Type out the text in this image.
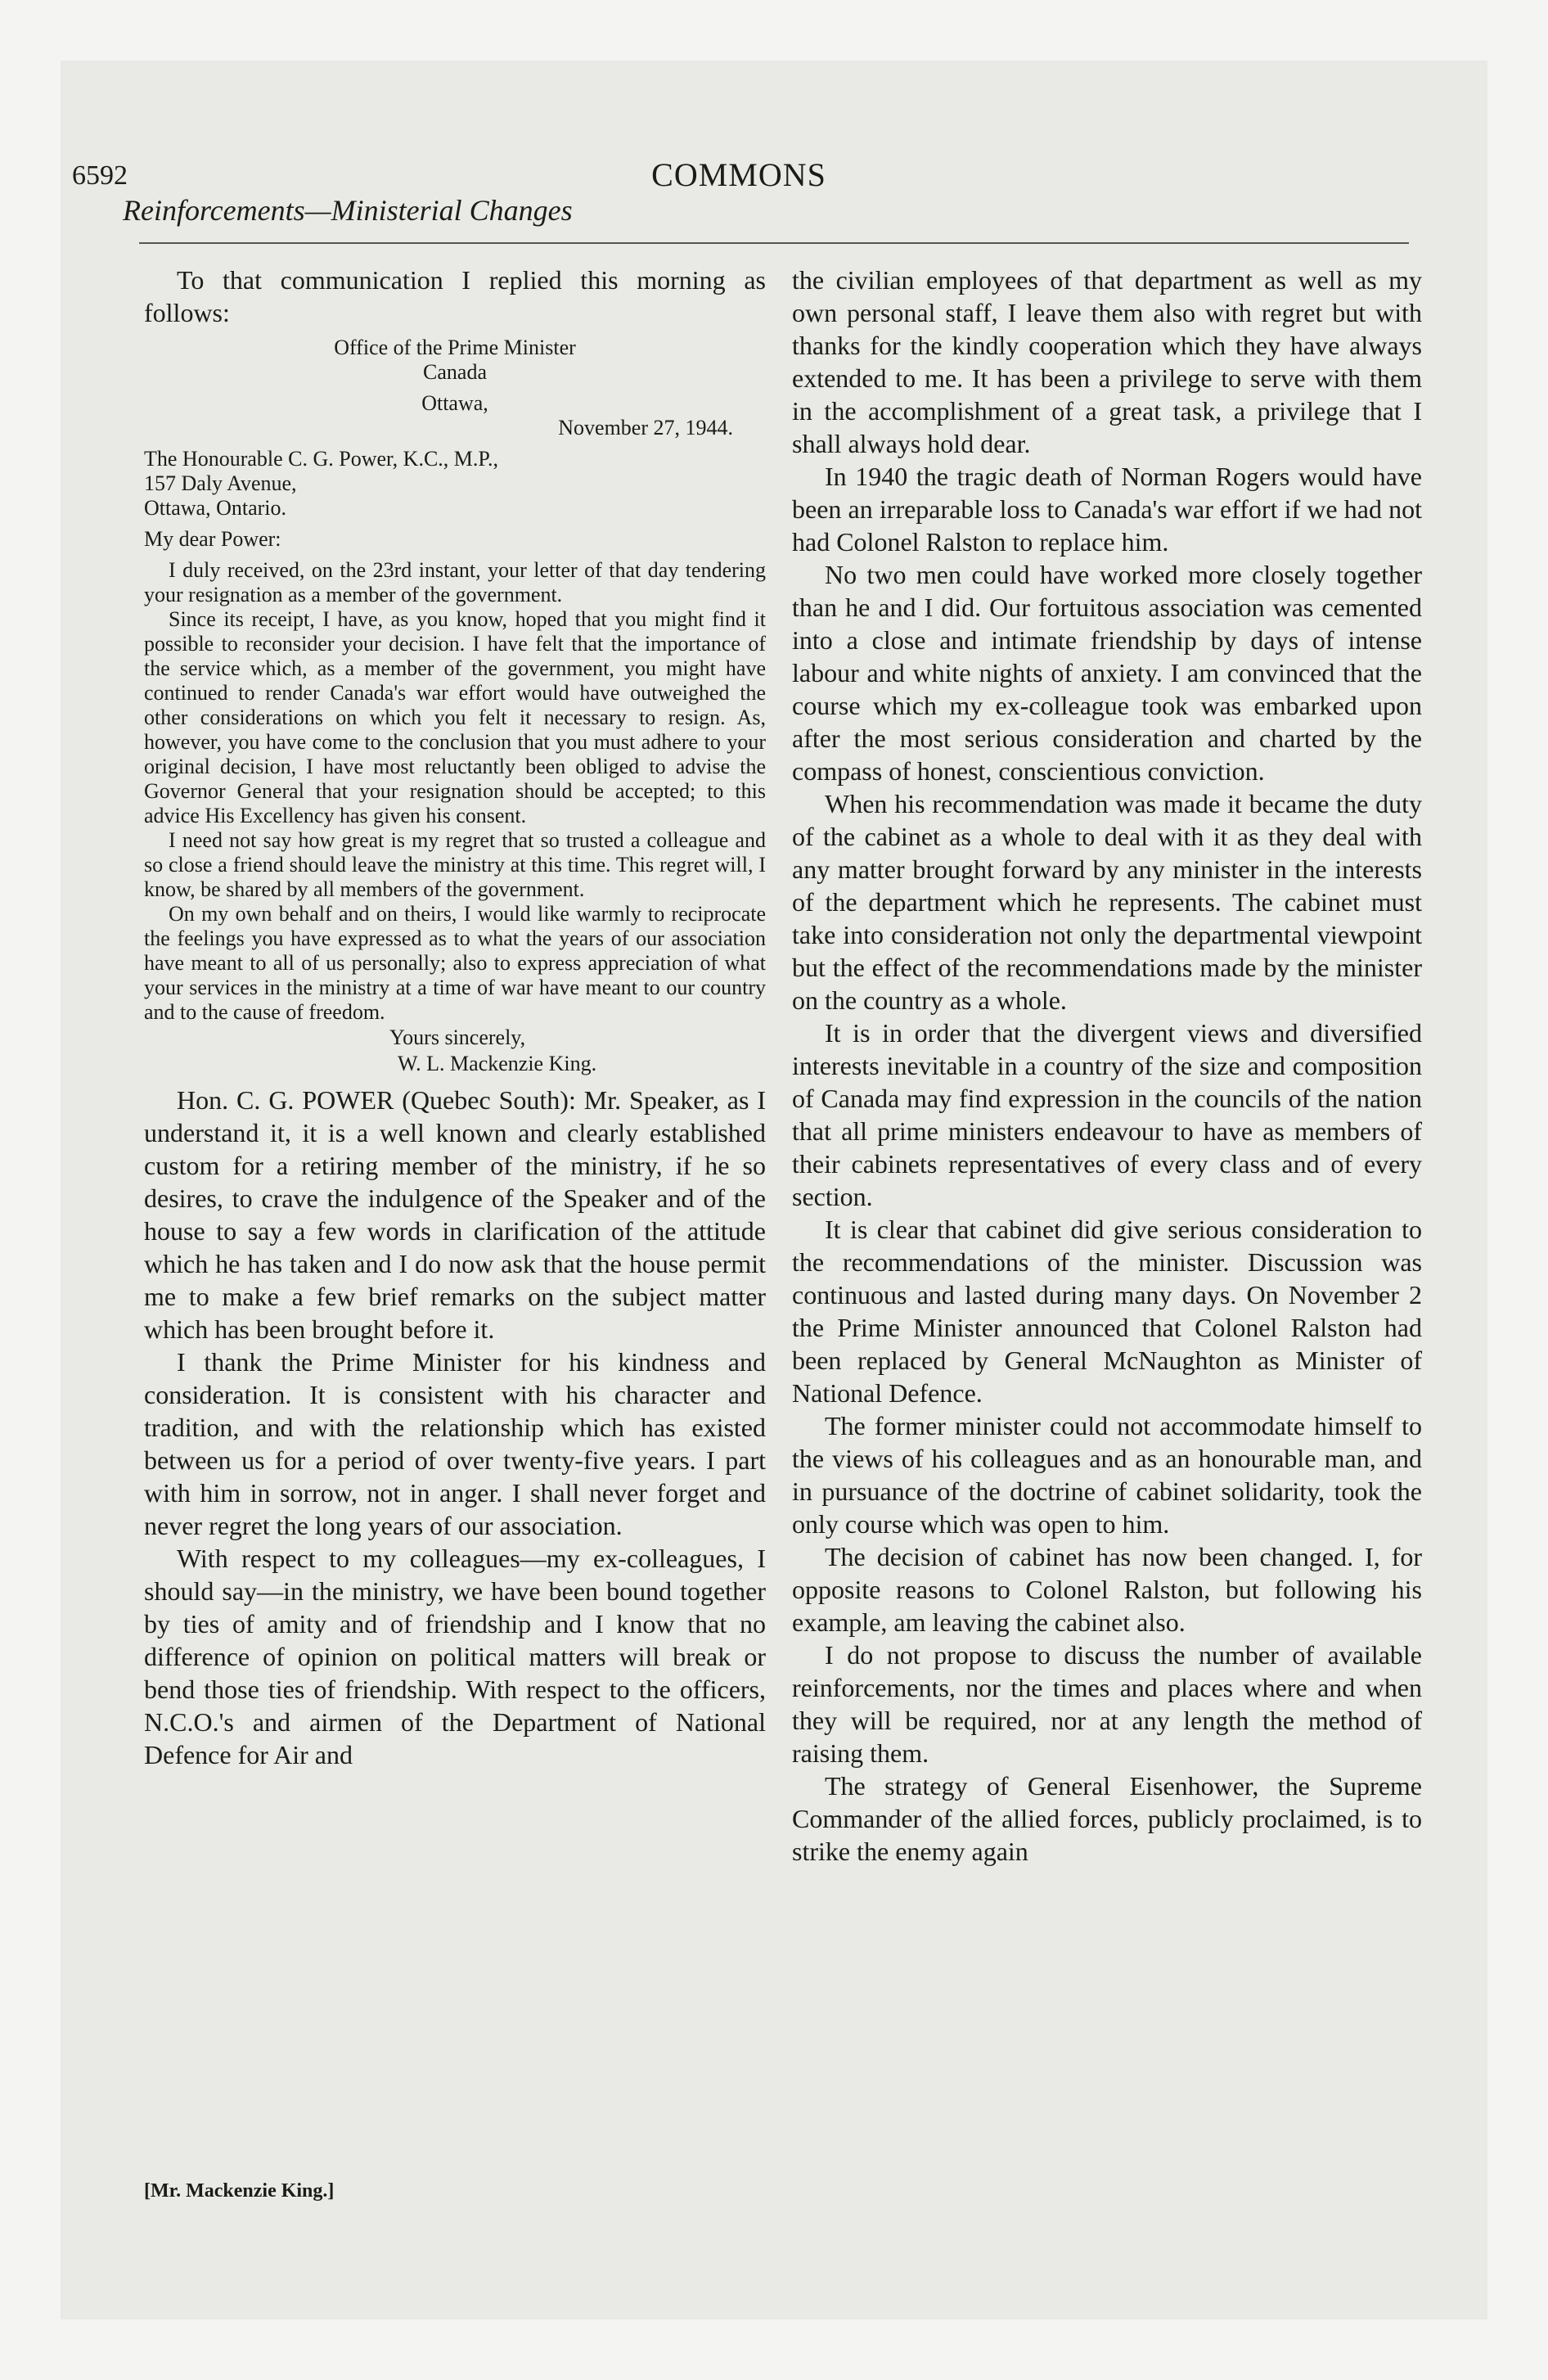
6592	COMMONS
Reinforcements—Ministerial Changes

To that communication I replied this morning as follows:

Office of the Prime Minister

Canada

Ottawa,

November 27, 1944.

The Honourable C. G. Power, K.C., M.P.,

157 Daly Avenue,

Ottawa, Ontario.

My dear Power:

I duly received, on the 23rd instant, your letter of that day tendering your resignation as a member of the government.

Since its receipt, I have, as you know, hoped that you might find it possible to reconsider your decision. I have felt that the importance of the service which, as a member of the government, you might have continued to render Canada's war effort would have outweighed the other considerations on which you felt it necessary to resign. As, however, you have come to the conclusion that you must adhere to your original decision, I have most reluctantly been obliged to advise the Governor General that your resignation should be accepted; to this advice His Excellency has given his consent.

I need not say how great is my regret that so trusted a colleague and so close a friend should leave the ministry at this time. This regret will, I know, be shared by all members of the government.

On my own behalf and on theirs, I would like warmly to reciprocate the feelings you have expressed as to what the years of our association have meant to all of us personally; also to express appreciation of what your services in the ministry at a time of war have meant to our country and to the cause of freedom.

Yours sincerely,

W. L. Mackenzie King.

Hon. C. G. POWER (Quebec South): Mr. Speaker, as I understand it, it is a well known and clearly established custom for a retiring member of the ministry, if he so desires, to crave the indulgence of the Speaker and of the house to say a few words in clarification of the attitude which he has taken and I do now ask that the house permit me to make a few brief remarks on the subject matter which has been brought before it.

I thank the Prime Minister for his kindness and consideration. It is consistent with his character and tradition, and with the relationship which has existed between us for a period of over twenty-five years. I part with him in sorrow, not in anger. I shall never forget and never regret the long years of our association.

With respect to my colleagues—my ex-colleagues, I should say—in the ministry, we have been bound together by ties of amity and of friendship and I know that no difference of opinion on political matters will break or bend those ties of friendship. With respect to the officers, N.C.O.'s and airmen of the Department of National Defence for Air and

the civilian employees of that department as well as my own personal staff, I leave them also with regret but with thanks for the kindly cooperation which they have always extended to me. It has been a privilege to serve with them in the accomplishment of a great task, a privilege that I shall always hold dear.

In 1940 the tragic death of Norman Rogers would have been an irreparable loss to Canada's war effort if we had not had Colonel Ralston to replace him.

No two men could have worked more closely together than he and I did. Our fortuitous association was cemented into a close and intimate friendship by days of intense labour and white nights of anxiety. I am convinced that the course which my ex-colleague took was embarked upon after the most serious consideration and charted by the compass of honest, conscientious conviction.

When his recommendation was made it became the duty of the cabinet as a whole to deal with it as they deal with any matter brought forward by any minister in the interests of the department which he represents. The cabinet must take into consideration not only the departmental viewpoint but the effect of the recommendations made by the minister on the country as a whole.

It is in order that the divergent views and diversified interests inevitable in a country of the size and composition of Canada may find expression in the councils of the nation that all prime ministers endeavour to have as members of their cabinets representatives of every class and of every section.

It is clear that cabinet did give serious consideration to the recommendations of the minister. Discussion was continuous and lasted during many days. On November 2 the Prime Minister announced that Colonel Ralston had been replaced by General McNaughton as Minister of National Defence.

The former minister could not accommodate himself to the views of his colleagues and as an honourable man, and in pursuance of the doctrine of cabinet solidarity, took the only course which was open to him.

The decision of cabinet has now been changed. I, for opposite reasons to Colonel Ralston, but following his example, am leaving the cabinet also.

I do not propose to discuss the number of available reinforcements, nor the times and places where and when they will be required, nor at any length the method of raising them.

The strategy of General Eisenhower, the Supreme Commander of the allied forces, publicly proclaimed, is to strike the enemy again

[Mr. Mackenzie King.]
